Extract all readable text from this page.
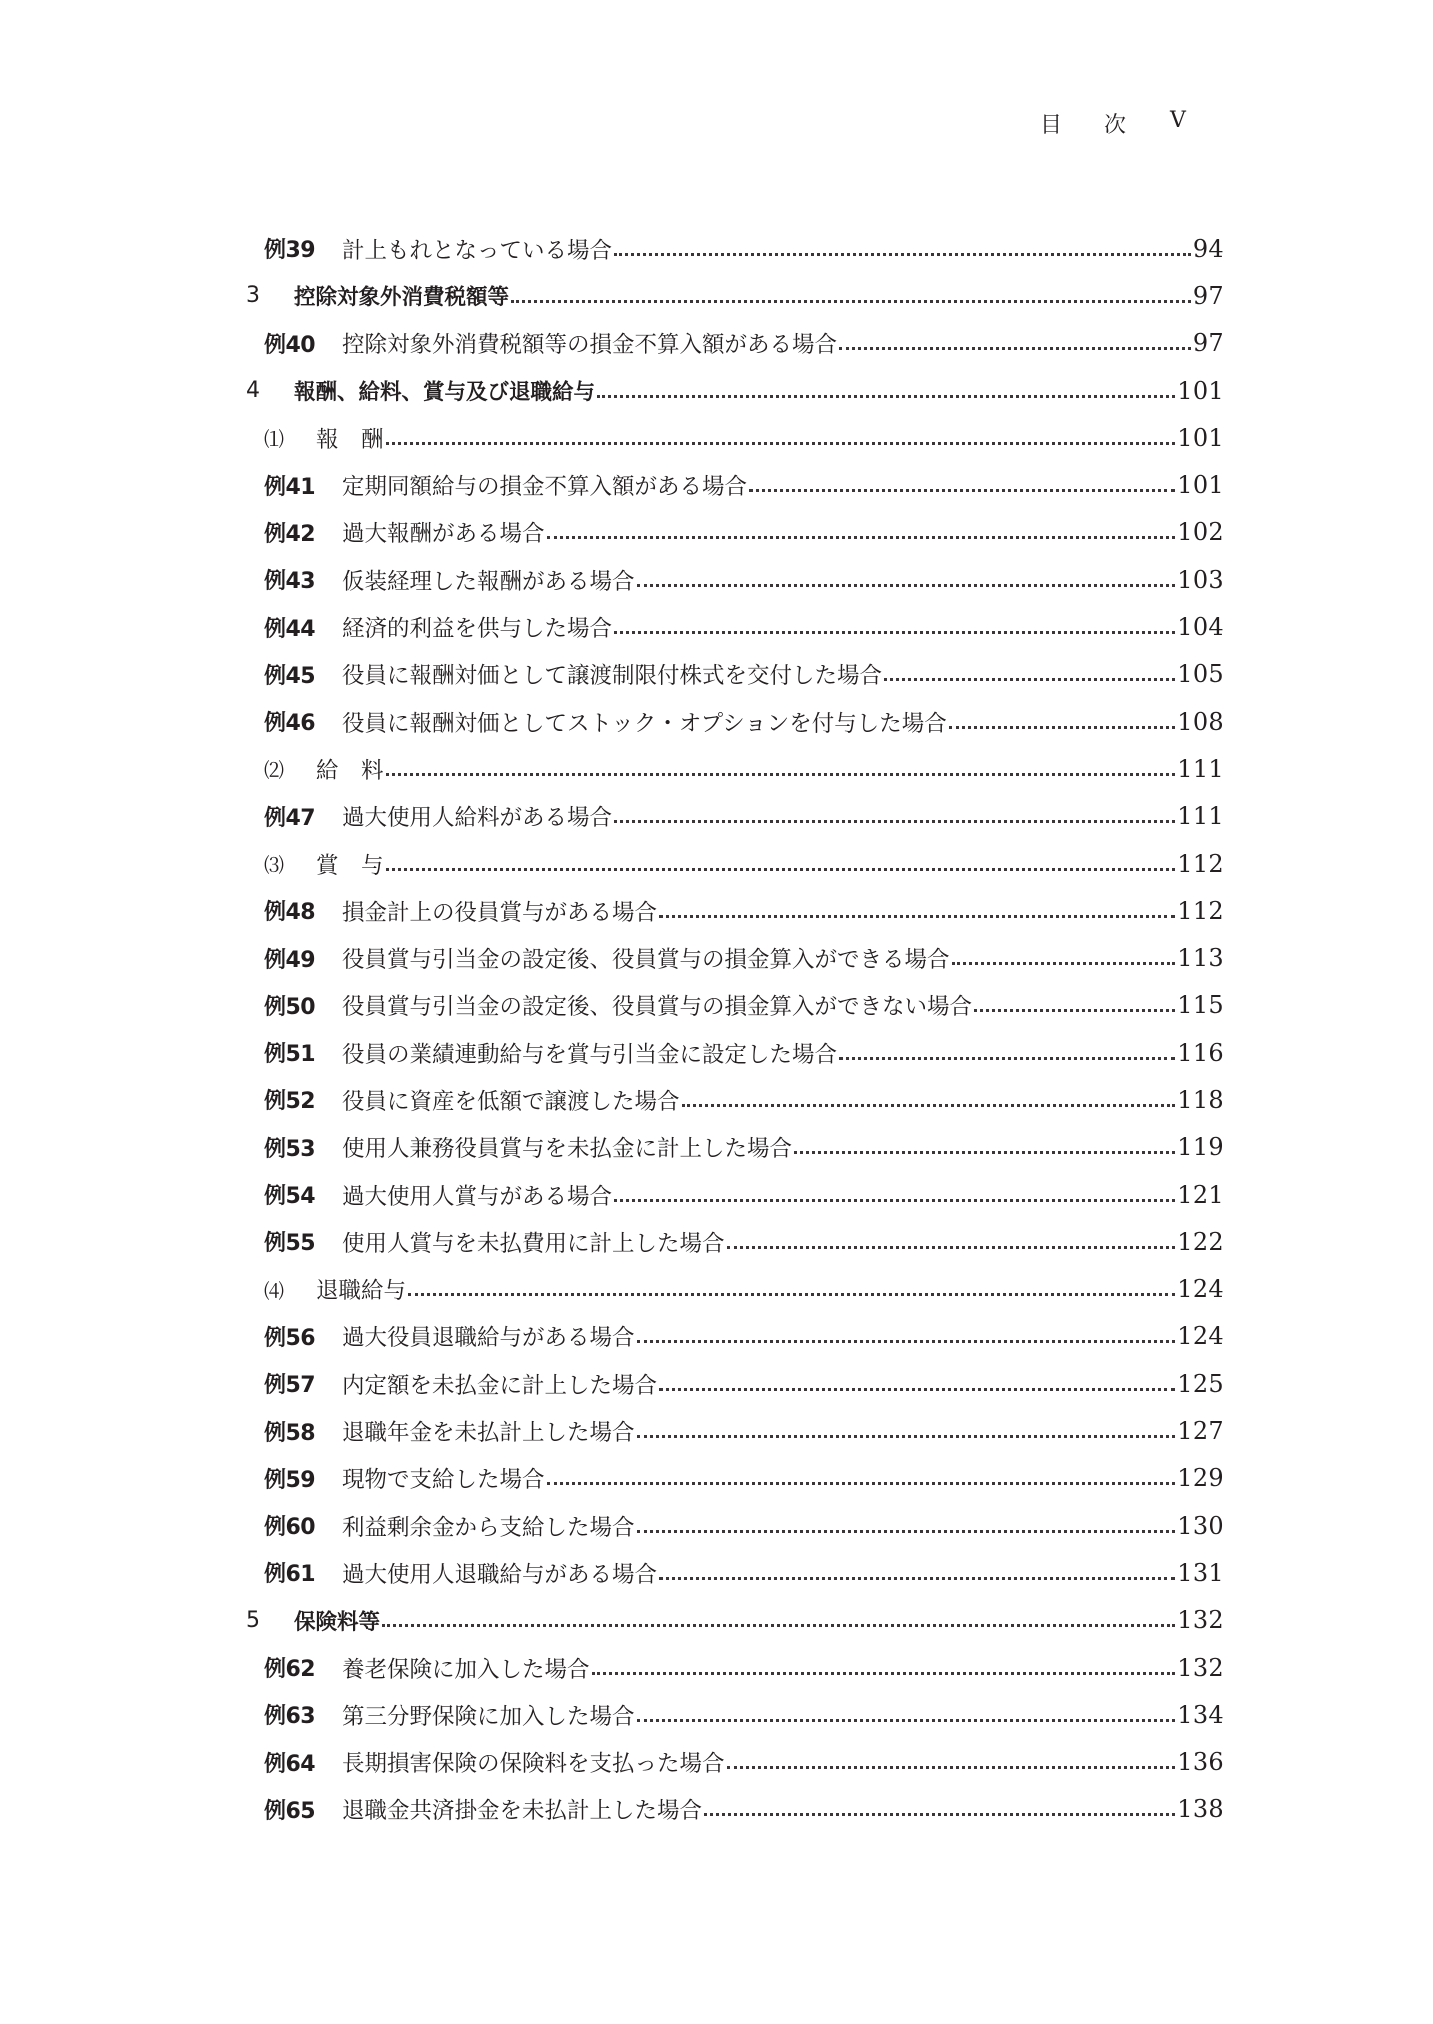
目 次 V
例39	計上もれとなっている場合	94
3	控除対象外消費税額等	97
例40	控除対象外消費税額等の損金不算入額がある場合	97
4	報酬、給料、賞与及び退職給与	101
⑴	報　酬	101
例41	定期同額給与の損金不算入額がある場合	101
例42	過大報酬がある場合	102
例43	仮装経理した報酬がある場合	103
例44	経済的利益を供与した場合	104
例45	役員に報酬対価として譲渡制限付株式を交付した場合	105
例46	役員に報酬対価としてストック・オプションを付与した場合	108
⑵	給　料	111
例47	過大使用人給料がある場合	111
⑶	賞　与	112
例48	損金計上の役員賞与がある場合	112
例49	役員賞与引当金の設定後、役員賞与の損金算入ができる場合	113
例50	役員賞与引当金の設定後、役員賞与の損金算入ができない場合	115
例51	役員の業績連動給与を賞与引当金に設定した場合	116
例52	役員に資産を低額で譲渡した場合	118
例53	使用人兼務役員賞与を未払金に計上した場合	119
例54	過大使用人賞与がある場合	121
例55	使用人賞与を未払費用に計上した場合	122
⑷	退職給与	124
例56	過大役員退職給与がある場合	124
例57	内定額を未払金に計上した場合	125
例58	退職年金を未払計上した場合	127
例59	現物で支給した場合	129
例60	利益剰余金から支給した場合	130
例61	過大使用人退職給与がある場合	131
5	保険料等	132
例62	養老保険に加入した場合	132
例63	第三分野保険に加入した場合	134
例64	長期損害保険の保険料を支払った場合	136
例65	退職金共済掛金を未払計上した場合	138
